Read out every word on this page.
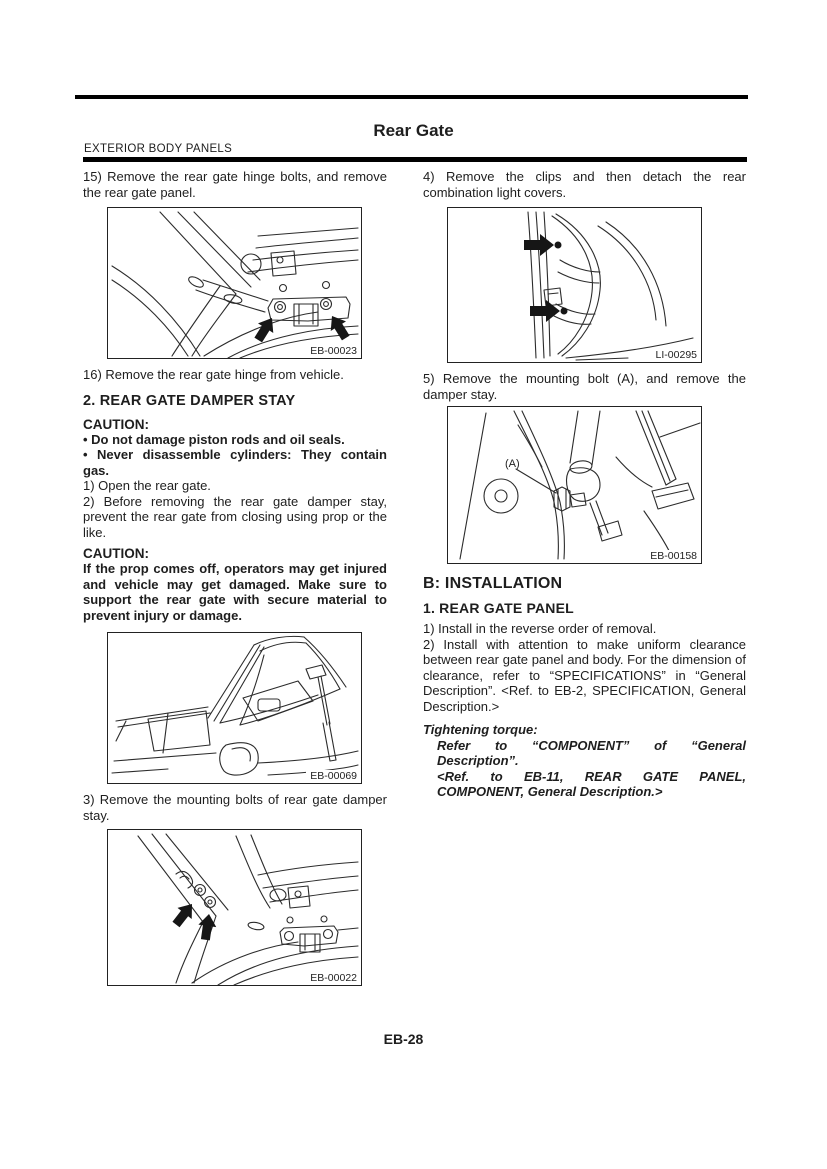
Rear Gate
EXTERIOR BODY PANELS

15) Remove the rear gate hinge bolts, and remove the rear gate panel.

EB-00023

16) Remove the rear gate hinge from vehicle.

2. REAR GATE DAMPER STAY

CAUTION:

• Do not damage piston rods and oil seals.

• Never disassemble cylinders: They contain gas.

1) Open the rear gate.

2) Before removing the rear gate damper stay, prevent the rear gate from closing using prop or the like.

CAUTION:

If the prop comes off, operators may get injured and vehicle may get damaged. Make sure to support the rear gate with secure material to prevent injury or damage.

EB-00069

3) Remove the mounting bolts of rear gate damper stay.

EB-00022

4) Remove the clips and then detach the rear combination light covers.

LI-00295

5) Remove the mounting bolt (A), and remove the damper stay.

(A)
EB-00158

B: INSTALLATION

1. REAR GATE PANEL

1) Install in the reverse order of removal.

2) Install with attention to make uniform clearance between rear gate panel and body. For the dimension of clearance, refer to “SPECIFICATIONS” in “General Description”. <Ref. to EB-2, SPECIFICATION, General Description.>

Tightening torque:
Refer to “COMPONENT” of “General Description”.
<Ref. to EB-11, REAR GATE PANEL, COMPONENT, General Description.>
EB-28
